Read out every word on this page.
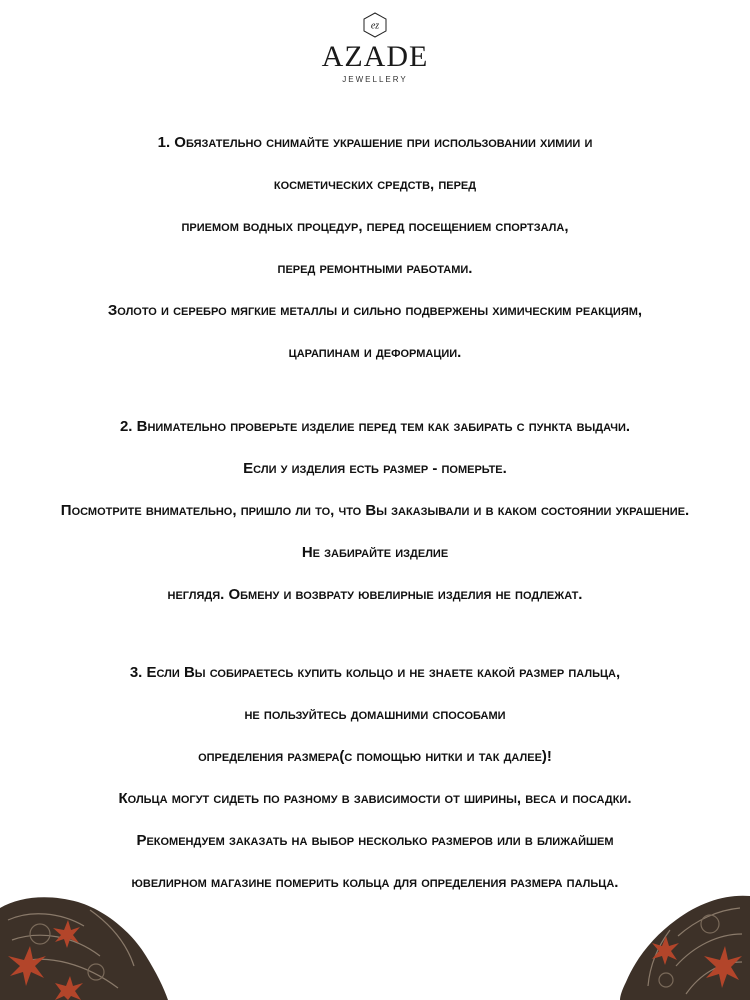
ez
AZADE
JEWELLERY
1. Обязательно снимайте украшение при использовании химии и
косметических средств, перед
приемом водных процедур, перед посещением спортзала,
перед ремонтными работами.
Золото и серебро мягкие металлы и сильно подвержены химическим реакциям,
царапинам и деформации.
2. Внимательно проверьте изделие перед тем как забирать с пункта выдачи.
Если у изделия есть размер - померьте.
Посмотрите внимательно, пришло ли то, что Вы заказывали и в каком состоянии украшение.
Не забирайте изделие
неглядя. Обмену и возврату ювелирные изделия не подлежат.
3. Если Вы собираетесь купить кольцо и не знаете какой размер пальца,
не пользуйтесь домашними способами
определения размера(с помощью нитки и так далее)!
Кольца могут сидеть по разному в зависимости от ширины, веса и посадки.
Рекомендуем заказать на выбор несколько размеров или в ближайшем
ювелирном магазине померить кольца для определения размера пальца.
